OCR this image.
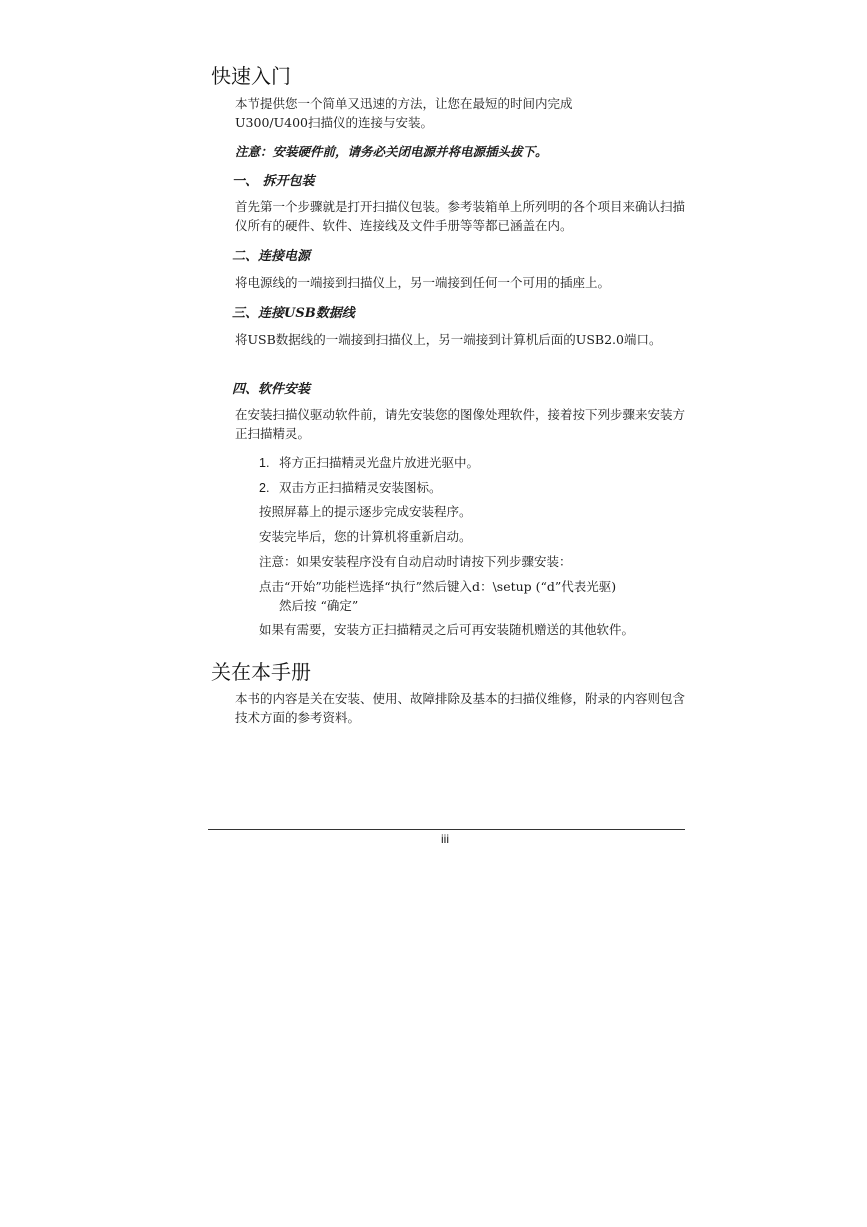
快速入门
本节提供您一个简单又迅速的方法，让您在最短的时间内完成
U300/U400扫描仪的连接与安装。
注意：安装硬件前，请务必关闭电源并将电源插头拔下。
一、 拆开包装
首先第一个步骤就是打开扫描仪包装。参考装箱单上所列明的各个项目来确认扫描仪所有的硬件、软件、连接线及文件手册等等都已涵盖在内。
二、连接电源
将电源线的一端接到扫描仪上，另一端接到任何一个可用的插座上。
三、连接USB数据线
将USB数据线的一端接到扫描仪上，另一端接到计算机后面的USB2.0端口。
四、软件安装
在安装扫描仪驱动软件前，请先安装您的图像处理软件，接着按下列步骤来安装方正扫描精灵。
1. 将方正扫描精灵光盘片放进光驱中。
2. 双击方正扫描精灵安装图标。
按照屏幕上的提示逐步完成安装程序。
安装完毕后，您的计算机将重新启动。
注意：如果安装程序没有自动启动时请按下列步骤安装：
点击“开始”功能栏选择“执行”然后键入d：\setup (“d”代表光驱)
然后按 “确定”
如果有需要，安装方正扫描精灵之后可再安装随机赠送的其他软件。
关在本手册
本书的内容是关在安装、使用、故障排除及基本的扫描仪维修，附录的内容则包含技术方面的参考资料。
iii
